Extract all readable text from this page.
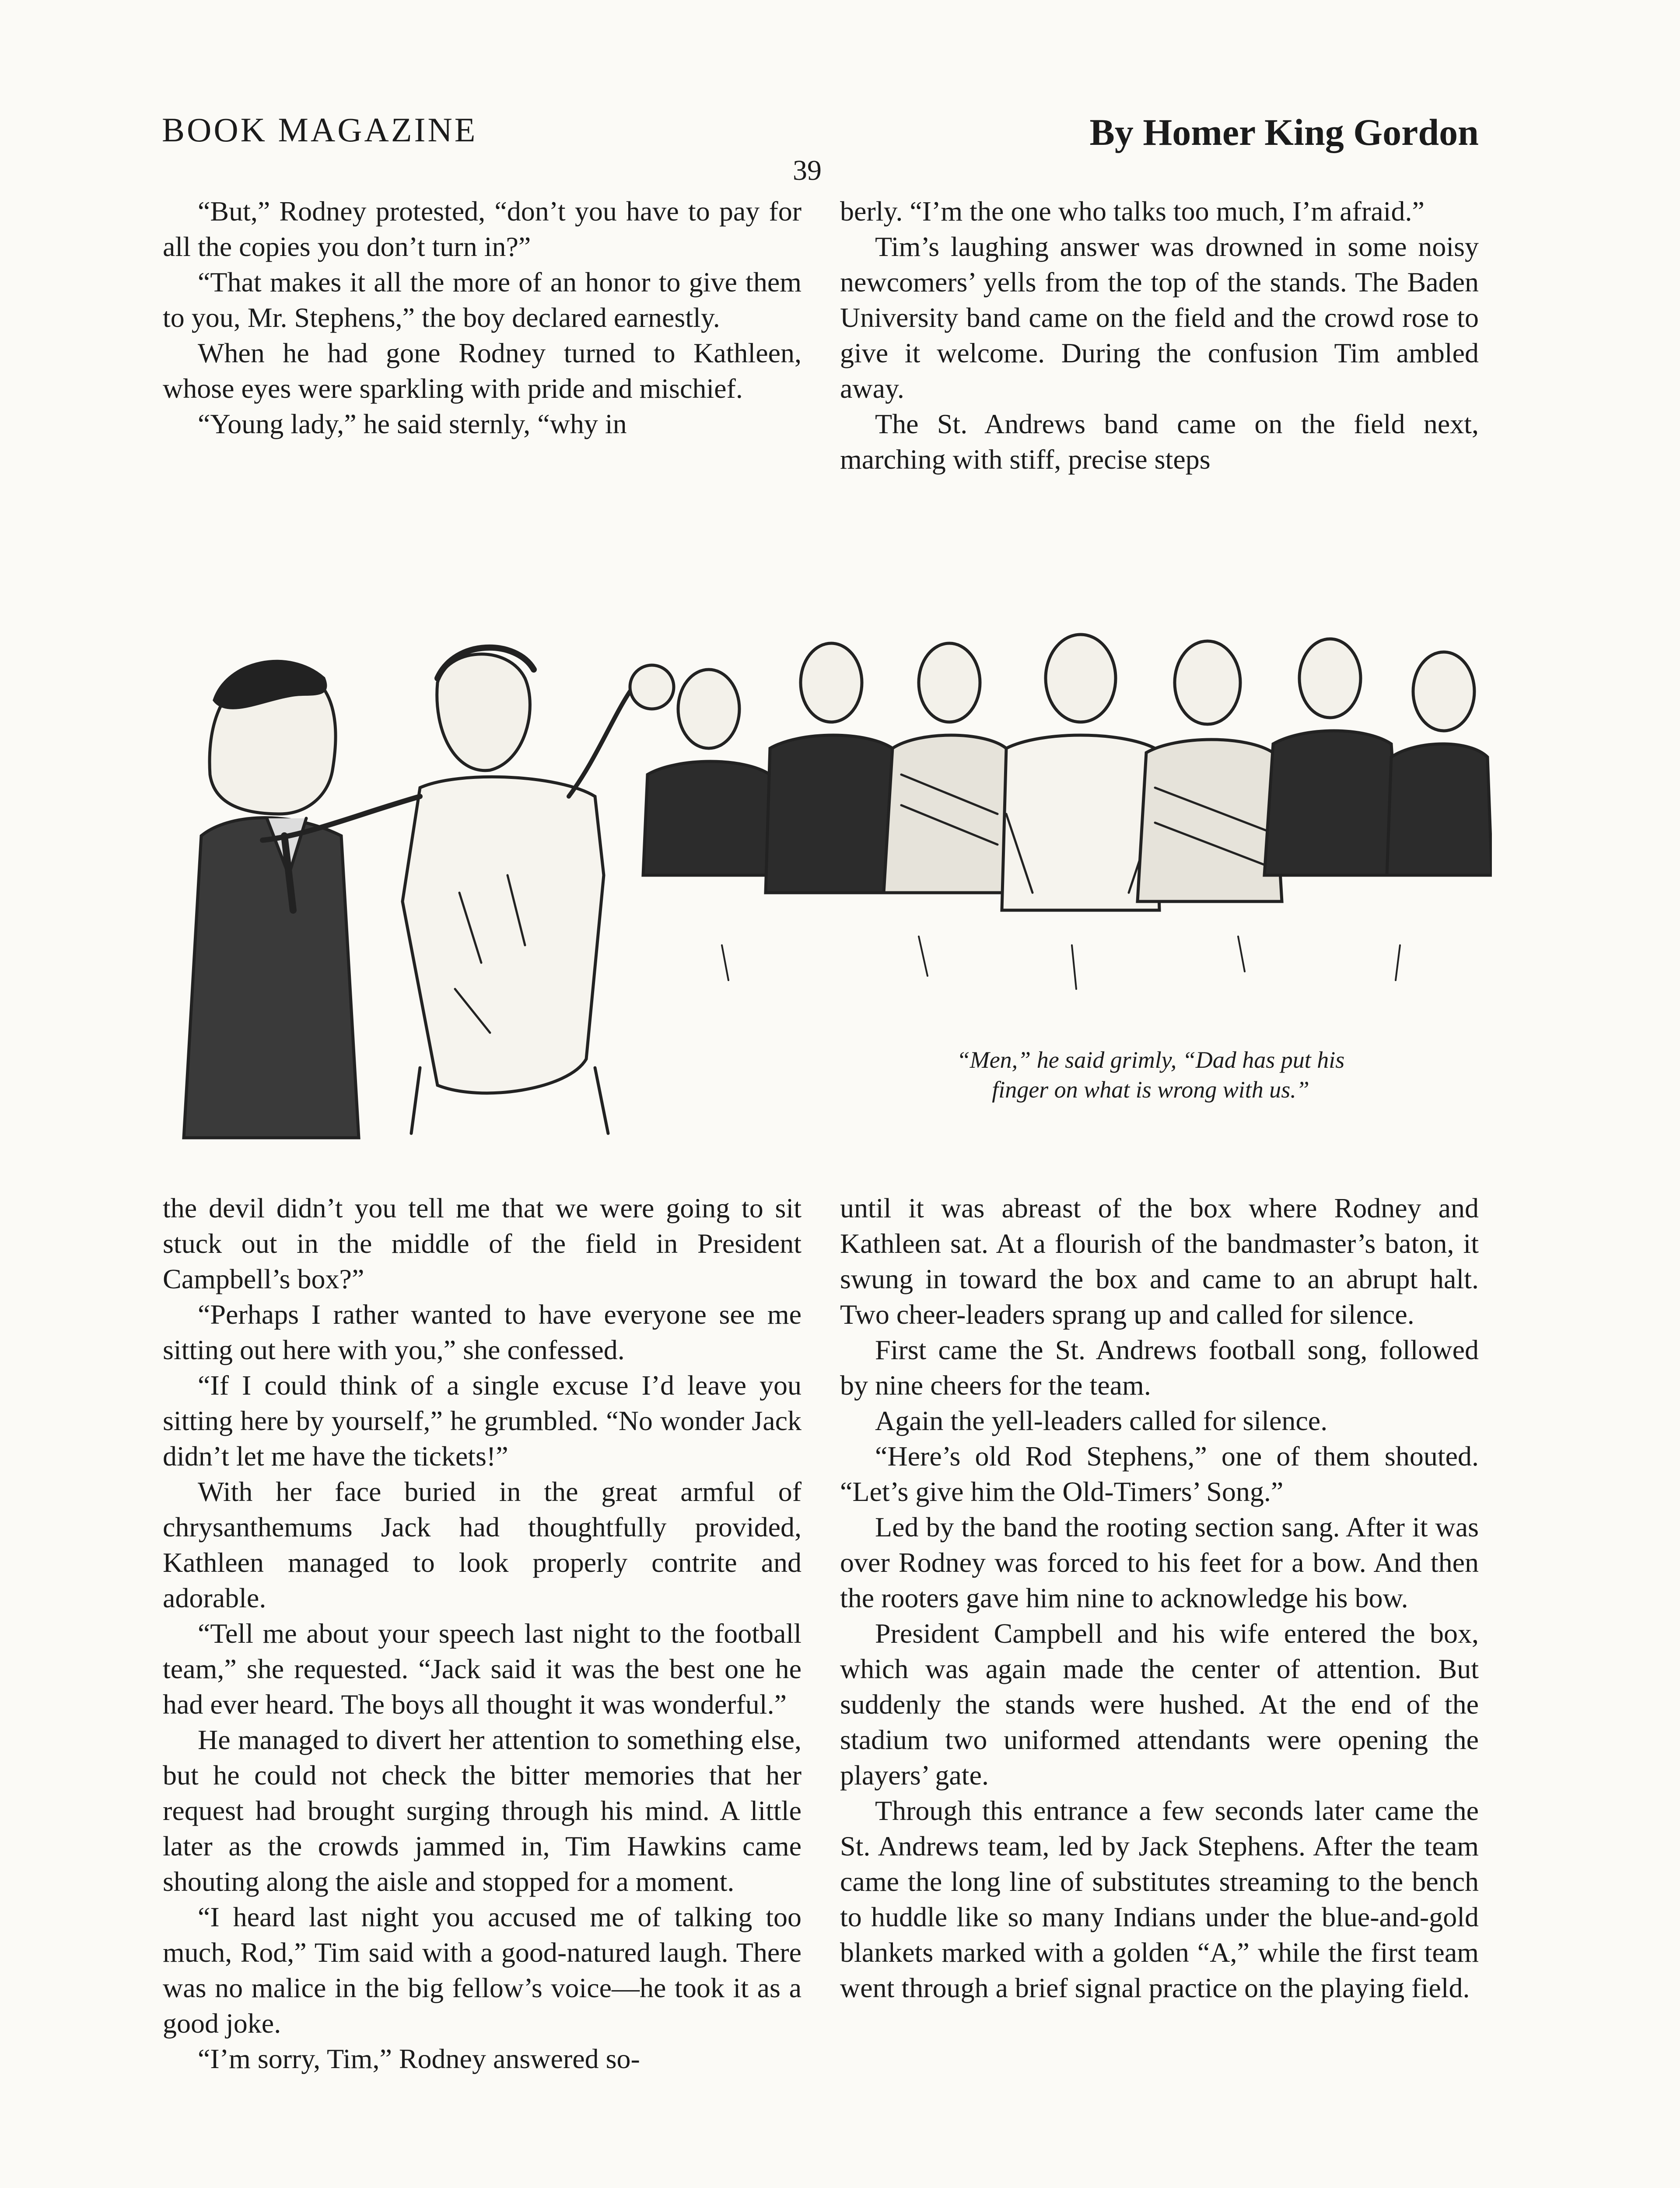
BOOK MAGAZINE	By Homer King Gordon
39

“But,” Rodney protested, “don’t you have to pay for all the copies you don’t turn in?”

“That makes it all the more of an honor to give them to you, Mr. Stephens,” the boy declared earnestly.

When he had gone Rodney turned to Kathleen, whose eyes were sparkling with pride and mischief.

“Young lady,” he said sternly, “why in

berly. “I’m the one who talks too much, I’m afraid.”

Tim’s laughing answer was drowned in some noisy newcomers’ yells from the top of the stands. The Baden University band came on the field and the crowd rose to give it welcome. During the confusion Tim ambled away.

The St. Andrews band came on the field next, marching with stiff, precise steps

“Men,” he said grimly, “Dad has put his
finger on what is wrong with us.”

the devil didn’t you tell me that we were going to sit stuck out in the middle of the field in President Campbell’s box?”

“Perhaps I rather wanted to have everyone see me sitting out here with you,” she confessed.

“If I could think of a single excuse I’d leave you sitting here by yourself,” he grumbled. “No wonder Jack didn’t let me have the tickets!”

With her face buried in the great armful of chrysanthemums Jack had thoughtfully provided, Kathleen managed to look properly contrite and adorable.

“Tell me about your speech last night to the football team,” she requested. “Jack said it was the best one he had ever heard. The boys all thought it was wonderful.”

He managed to divert her attention to something else, but he could not check the bitter memories that her request had brought surging through his mind. A little later as the crowds jammed in, Tim Hawkins came shouting along the aisle and stopped for a moment.

“I heard last night you accused me of talking too much, Rod,” Tim said with a good-natured laugh. There was no malice in the big fellow’s voice—he took it as a good joke.

“I’m sorry, Tim,” Rodney answered so-

until it was abreast of the box where Rodney and Kathleen sat. At a flourish of the bandmaster’s baton, it swung in toward the box and came to an abrupt halt. Two cheer-leaders sprang up and called for silence.

First came the St. Andrews football song, followed by nine cheers for the team.

Again the yell-leaders called for silence.

“Here’s old Rod Stephens,” one of them shouted. “Let’s give him the Old-Timers’ Song.”

Led by the band the rooting section sang. After it was over Rodney was forced to his feet for a bow. And then the rooters gave him nine to acknowledge his bow.

President Campbell and his wife entered the box, which was again made the center of attention. But suddenly the stands were hushed. At the end of the stadium two uniformed attendants were opening the players’ gate.

Through this entrance a few seconds later came the St. Andrews team, led by Jack Stephens. After the team came the long line of substitutes streaming to the bench to huddle like so many Indians under the blue-and-gold blankets marked with a golden “A,” while the first team went through a brief signal practice on the playing field.
